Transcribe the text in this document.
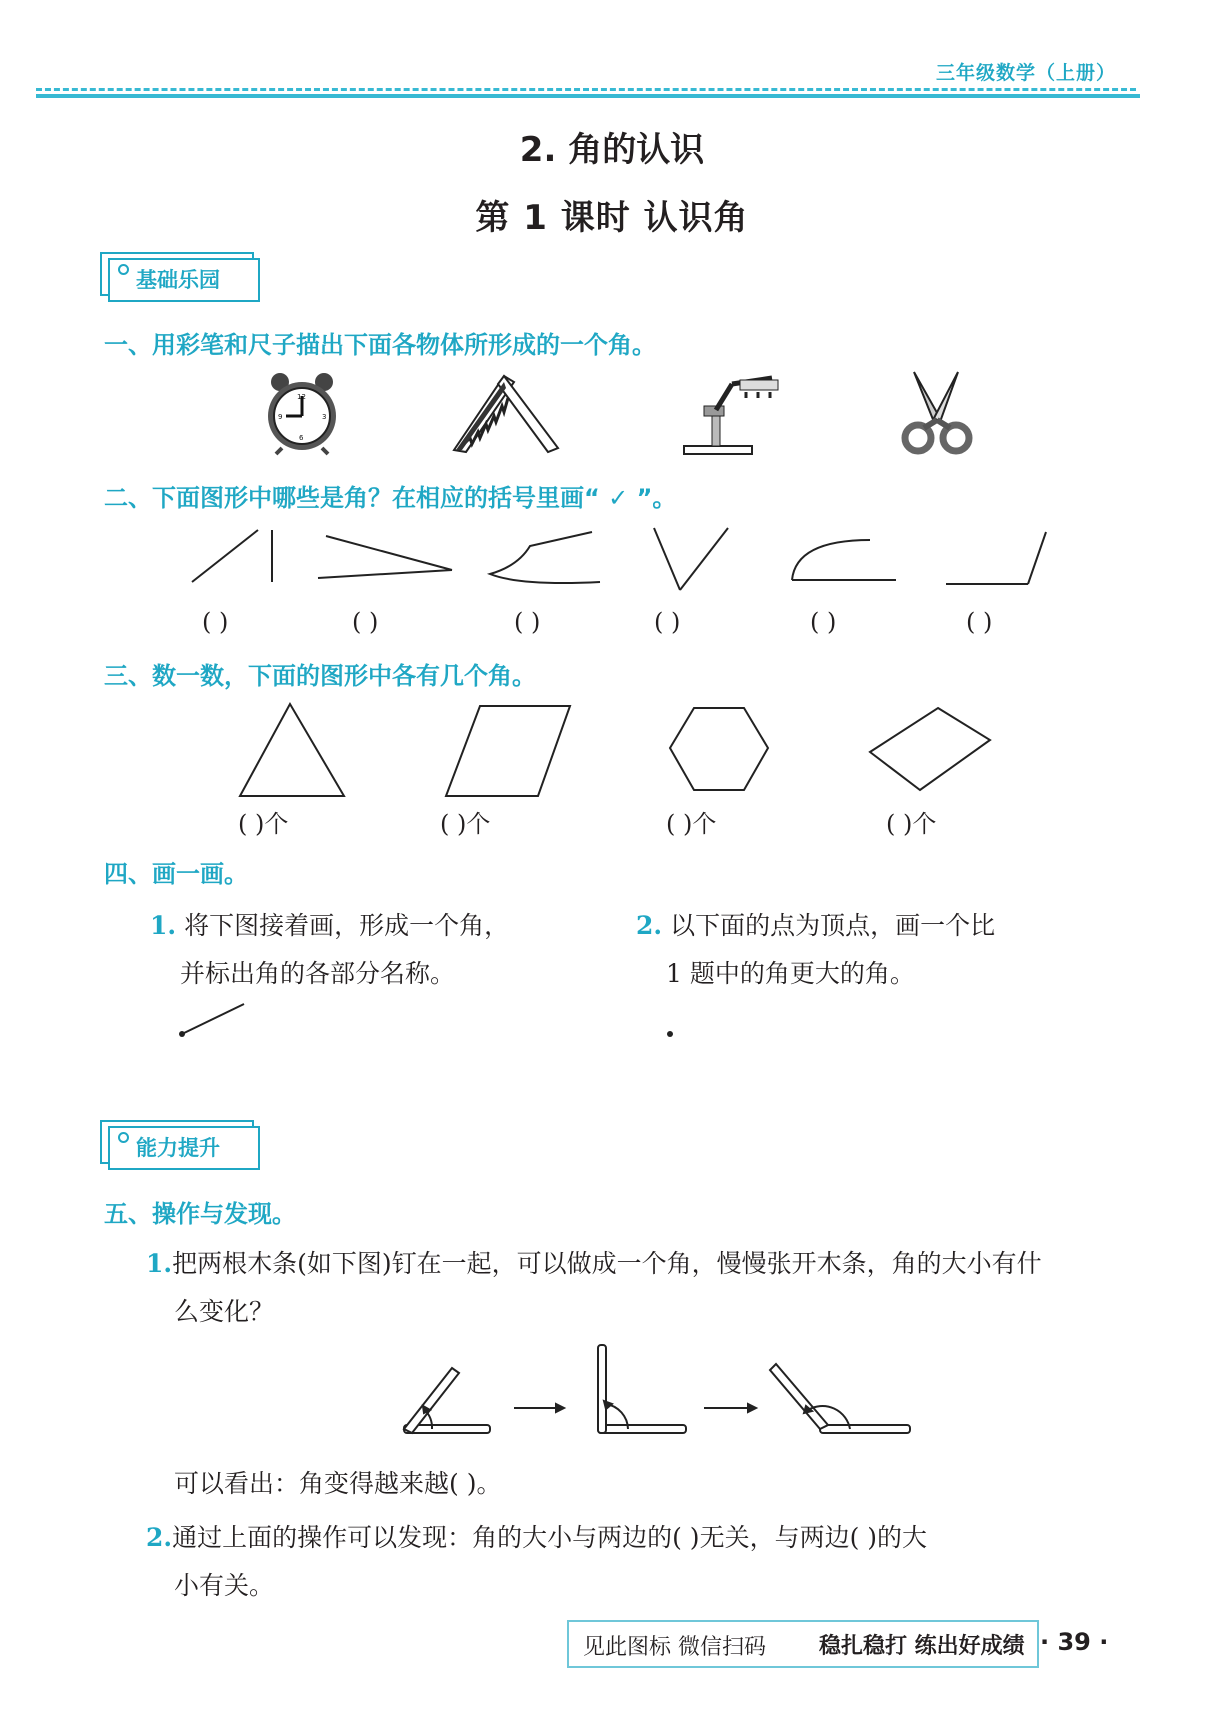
三年级数学（上册）
2. 角的认识
第 1 课时 认识角
基础乐园
一、用彩笔和尺子描出下面各物体所形成的一个角。
12
3
6
9
二、下面图形中哪些是角？在相应的括号里画“ ✓ ”。
( )	( )	( )	( )	( )	( )
三、数一数，下面的图形中各有几个角。
( )个	( )个	( )个	( )个
四、画一画。
1. 将下图接着画，形成一个角，
并标出角的各部分名称。
2. 以下面的点为顶点，画一个比
1 题中的角更大的角。
能力提升
五、操作与发现。
1.把两根木条(如下图)钉在一起，可以做成一个角，慢慢张开木条，角的大小有什
么变化？
可以看出：角变得越来越( )。
2.通过上面的操作可以发现：角的大小与两边的( )无关，与两边( )的大
小有关。
见此图标 微信扫码 稳扎稳打 练出好成绩 · 39 ·
